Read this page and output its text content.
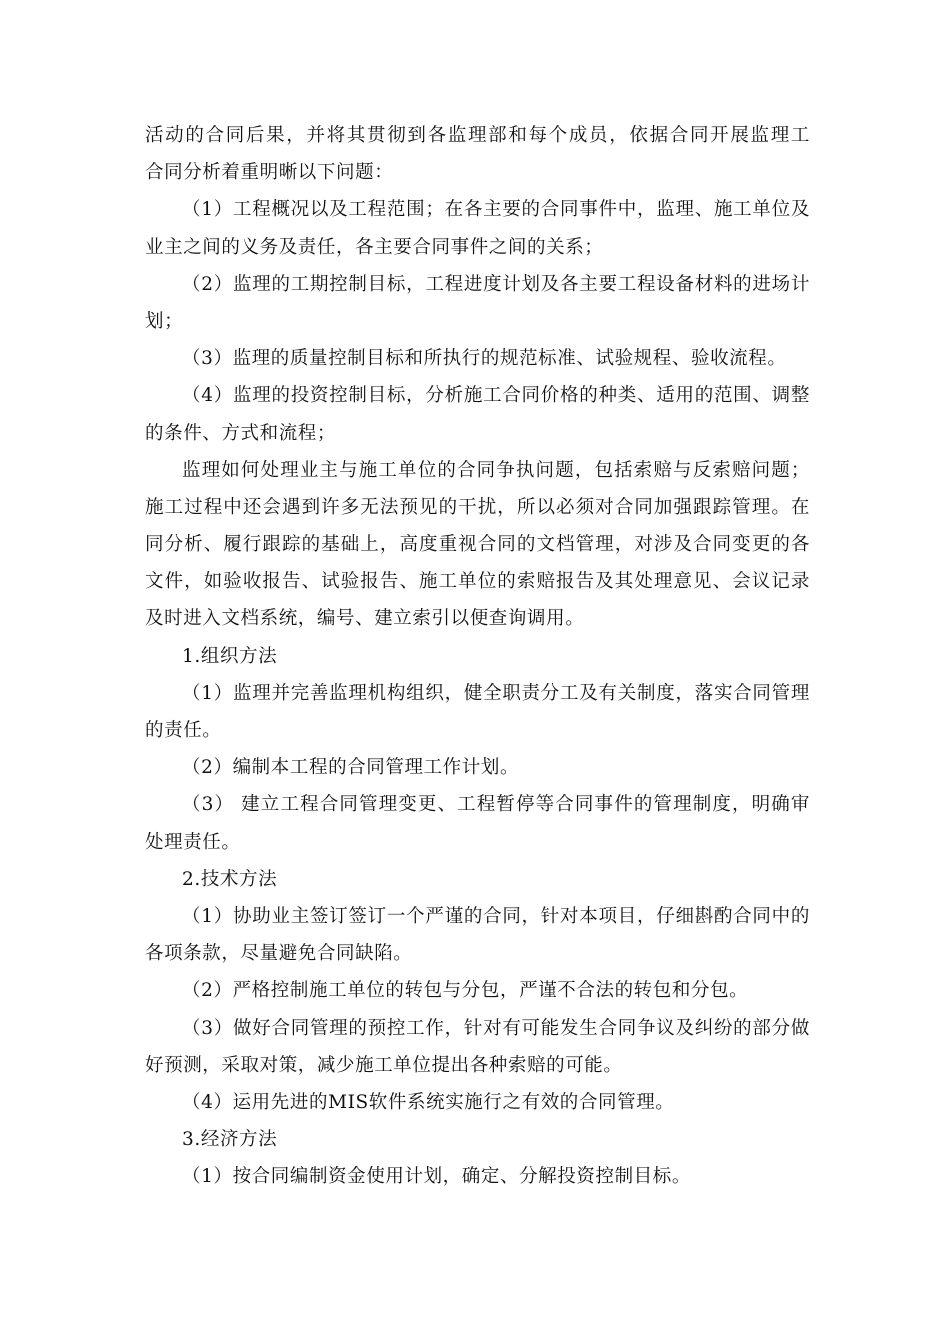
活动的合同后果，并将其贯彻到各监理部和每个成员，依据合同开展监理工
合同分析着重明晰以下问题：
（1）工程概况以及工程范围；在各主要的合同事件中，监理、施工单位及
业主之间的义务及责任，各主要合同事件之间的关系；
（2）监理的工期控制目标，工程进度计划及各主要工程设备材料的进场计
划；
（3）监理的质量控制目标和所执行的规范标准、试验规程、验收流程。
（4）监理的投资控制目标，分析施工合同价格的种类、适用的范围、调整
的条件、方式和流程；
监理如何处理业主与施工单位的合同争执问题，包括索赔与反索赔问题；
施工过程中还会遇到许多无法预见的干扰，所以必须对合同加强跟踪管理。在
同分析、履行跟踪的基础上，高度重视合同的文档管理，对涉及合同变更的各
文件，如验收报告、试验报告、施工单位的索赔报告及其处理意见、会议记录
及时进入文档系统，编号、建立索引以便查询调用。
1.组织方法
（1）监理并完善监理机构组织，健全职责分工及有关制度，落实合同管理
的责任。
（2）编制本工程的合同管理工作计划。
（3） 建立工程合同管理变更、工程暂停等合同事件的管理制度，明确审
处理责任。
2.技术方法
（1）协助业主签订签订一个严谨的合同，针对本项目，仔细斟酌合同中的
各项条款，尽量避免合同缺陷。
（2）严格控制施工单位的转包与分包，严谨不合法的转包和分包。
（3）做好合同管理的预控工作，针对有可能发生合同争议及纠纷的部分做
好预测，采取对策，减少施工单位提出各种索赔的可能。
（4）运用先进的MIS软件系统实施行之有效的合同管理。
3.经济方法
（1）按合同编制资金使用计划，确定、分解投资控制目标。
